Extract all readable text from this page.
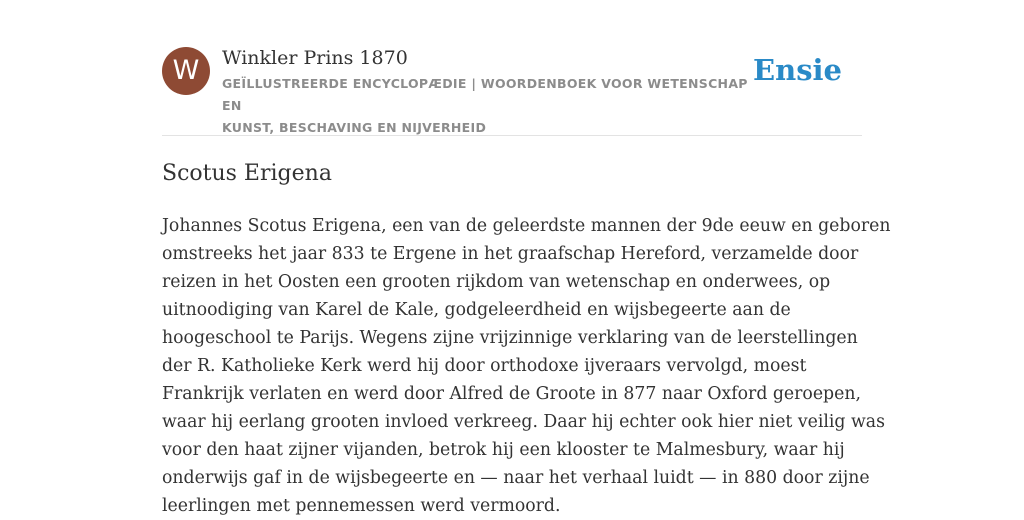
W	Winkler Prins 1870
GEÏLLUSTREERDE ENCYCLOPÆDIE | WOORDENBOEK VOOR WETENSCHAP EN
KUNST, BESCHAVING EN NIJVERHEID
Ensie
Scotus Erigena
Johannes Scotus Erigena, een van de geleerdste mannen der 9de eeuw en geboren
omstreeks het jaar 833 te Ergene in het graafschap Hereford, verzamelde door
reizen in het Oosten een grooten rijkdom van wetenschap en onderwees, op
uitnoodiging van Karel de Kale, godgeleerdheid en wijsbegeerte aan de
hoogeschool te Parijs. Wegens zijne vrijzinnige verklaring van de leerstellingen
der R. Katholieke Kerk werd hij door orthodoxe ijveraars vervolgd, moest
Frankrijk verlaten en werd door Alfred de Groote in 877 naar Oxford geroepen,
waar hij eerlang grooten invloed verkreeg. Daar hij echter ook hier niet veilig was
voor den haat zijner vijanden, betrok hij een klooster te Malmesbury, waar hij
onderwijs gaf in de wijsbegeerte en — naar het verhaal luidt — in 880 door zijne
leerlingen met pennemessen werd vermoord.
